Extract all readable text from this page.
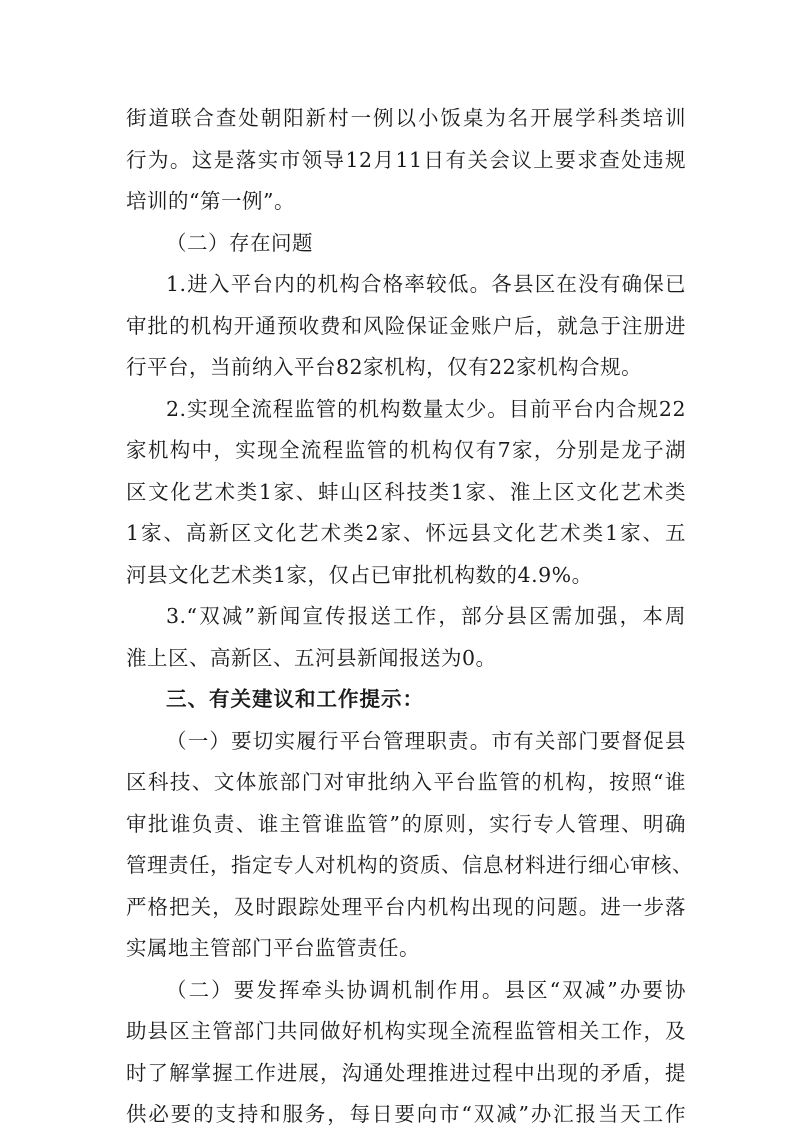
街道联合查处朝阳新村一例以小饭桌为名开展学科类培训
行为。这是落实市领导12月11日有关会议上要求查处违规
培训的“第一例”。
（二）存在问题
1.进入平台内的机构合格率较低。各县区在没有确保已
审批的机构开通预收费和风险保证金账户后，就急于注册进
行平台，当前纳入平台82家机构，仅有22家机构合规。
2.实现全流程监管的机构数量太少。目前平台内合规22
家机构中，实现全流程监管的机构仅有7家，分别是龙子湖
区文化艺术类1家、蚌山区科技类1家、淮上区文化艺术类
1家、高新区文化艺术类2家、怀远县文化艺术类1家、五
河县文化艺术类1家，仅占已审批机构数的4.9%。
3.“双减”新闻宣传报送工作，部分县区需加强，本周
淮上区、高新区、五河县新闻报送为0。
三、有关建议和工作提示：
（一）要切实履行平台管理职责。市有关部门要督促县
区科技、文体旅部门对审批纳入平台监管的机构，按照“谁
审批谁负责、谁主管谁监管”的原则，实行专人管理、明确
管理责任，指定专人对机构的资质、信息材料进行细心审核、
严格把关，及时跟踪处理平台内机构出现的问题。进一步落
实属地主管部门平台监管责任。
（二）要发挥牵头协调机制作用。县区“双减”办要协
助县区主管部门共同做好机构实现全流程监管相关工作，及
时了解掌握工作进展，沟通处理推进过程中出现的矛盾，提
供必要的支持和服务，每日要向市“双减”办汇报当天工作
